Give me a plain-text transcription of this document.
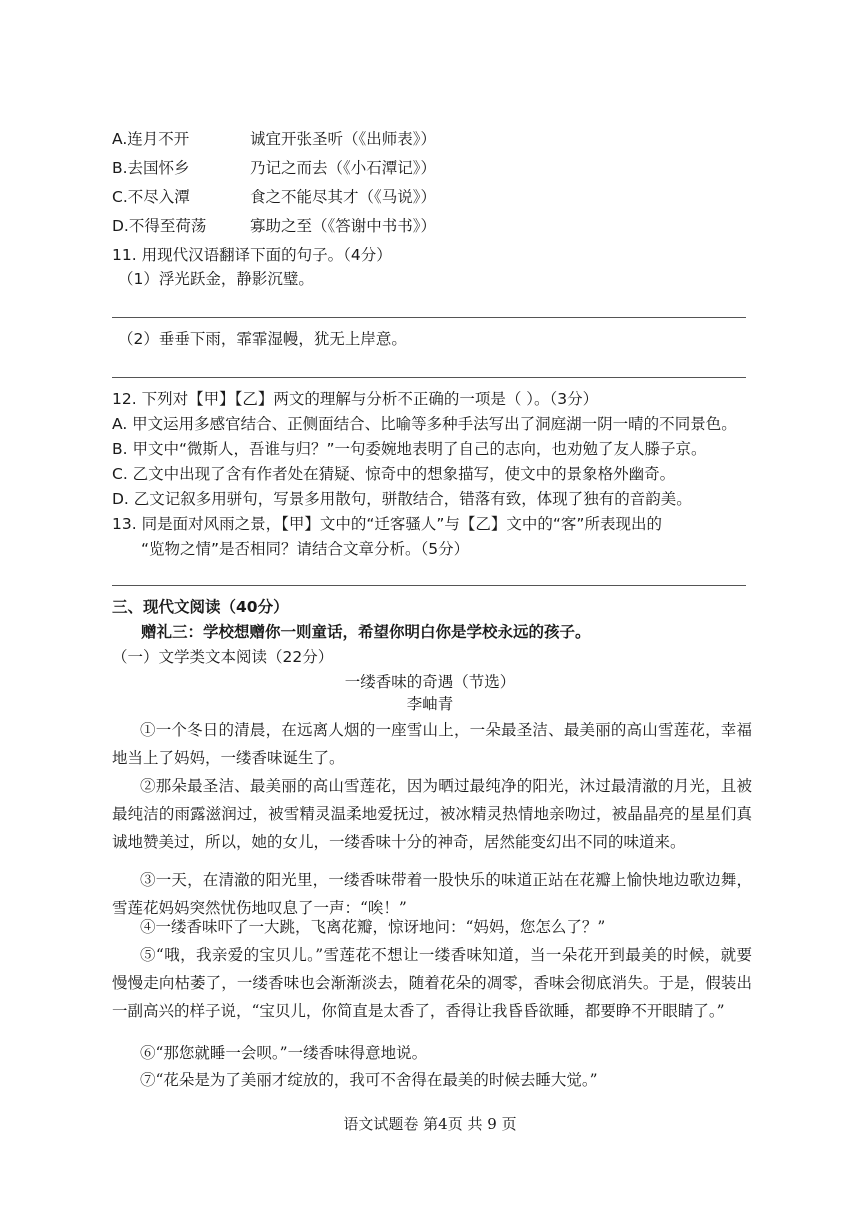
A.连月不开	诚宜开张圣听（《出师表》）
B.去国怀乡	乃记之而去（《小石潭记》）
C.不尽入潭	食之不能尽其才（《马说》）
D.不得至荷荡	寡助之至（《答谢中书书》）
11. 用现代汉语翻译下面的句子。（4分）
（1）浮光跃金，静影沉璧。
（2）垂垂下雨，霏霏湿幔，犹无上岸意。
12. 下列对【甲】【乙】两文的理解与分析不正确的一项是（ ）。（3分）
A. 甲文运用多感官结合、正侧面结合、比喻等多种手法写出了洞庭湖一阴一晴的不同景色。
B. 甲文中“微斯人，吾谁与归？”一句委婉地表明了自己的志向，也劝勉了友人滕子京。
C. 乙文中出现了含有作者处在猜疑、惊奇中的想象描写，使文中的景象格外幽奇。
D. 乙文记叙多用骈句，写景多用散句，骈散结合，错落有致，体现了独有的音韵美。
13. 同是面对风雨之景，【甲】文中的“迁客骚人”与【乙】文中的“客”所表现出的
“览物之情”是否相同？请结合文章分析。（5分）
三、现代文阅读（40分）
赠礼三：学校想赠你一则童话，希望你明白你是学校永远的孩子。
（一）文学类文本阅读（22分）
一缕香味的奇遇（节选）
李岫青
①一个冬日的清晨，在远离人烟的一座雪山上，一朵最圣洁、最美丽的高山雪莲花，幸福地当上了妈妈，一缕香味诞生了。
②那朵最圣洁、最美丽的高山雪莲花，因为晒过最纯净的阳光，沐过最清澈的月光，且被最纯洁的雨露滋润过，被雪精灵温柔地爱抚过，被冰精灵热情地亲吻过，被晶晶亮的星星们真诚地赞美过，所以，她的女儿，一缕香味十分的神奇，居然能变幻出不同的味道来。
③一天，在清澈的阳光里，一缕香味带着一股快乐的味道正站在花瓣上愉快地边歌边舞，雪莲花妈妈突然忧伤地叹息了一声：“唉！”
④一缕香味吓了一大跳，飞离花瓣，惊讶地问：“妈妈，您怎么了？”
⑤“哦，我亲爱的宝贝儿。”雪莲花不想让一缕香味知道，当一朵花开到最美的时候，就要慢慢走向枯萎了，一缕香味也会渐渐淡去，随着花朵的凋零，香味会彻底消失。于是，假装出一副高兴的样子说，“宝贝儿，你简直是太香了，香得让我昏昏欲睡，都要睁不开眼睛了。”
⑥“那您就睡一会呗。”一缕香味得意地说。
⑦“花朵是为了美丽才绽放的，我可不舍得在最美的时候去睡大觉。”
语文试题卷 第4页 共 9 页
